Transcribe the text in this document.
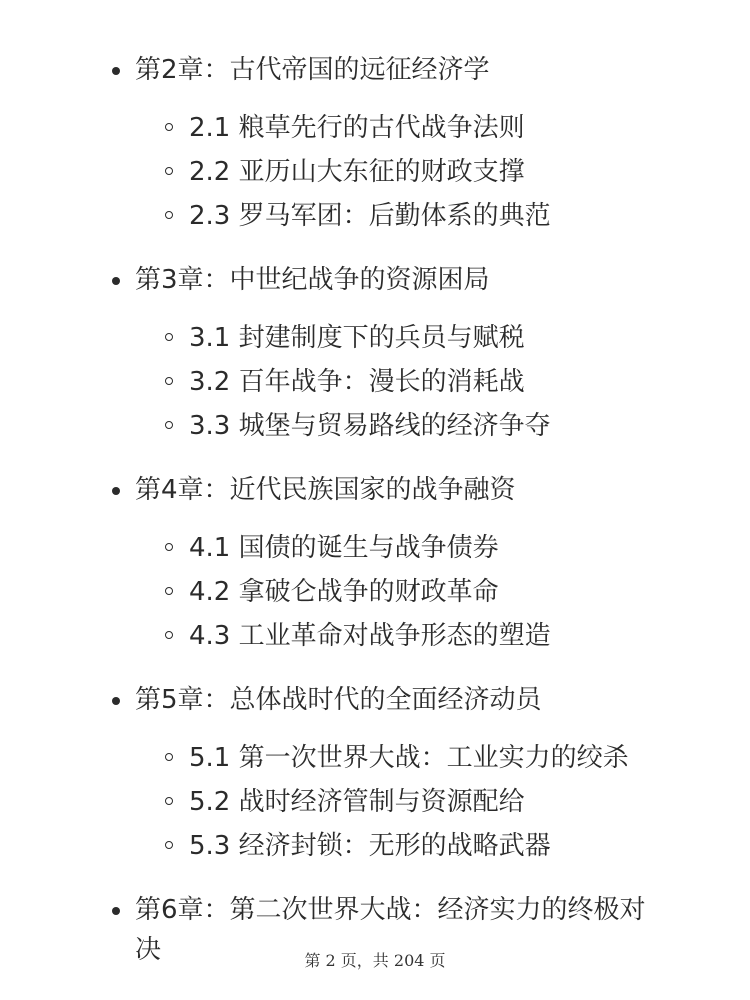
第2章：古代帝国的远征经济学
2.1 粮草先行的古代战争法则
2.2 亚历山大东征的财政支撑
2.3 罗马军团：后勤体系的典范
第3章：中世纪战争的资源困局
3.1 封建制度下的兵员与赋税
3.2 百年战争：漫长的消耗战
3.3 城堡与贸易路线的经济争夺
第4章：近代民族国家的战争融资
4.1 国债的诞生与战争债券
4.2 拿破仑战争的财政革命
4.3 工业革命对战争形态的塑造
第5章：总体战时代的全面经济动员
5.1 第一次世界大战：工业实力的绞杀
5.2 战时经济管制与资源配给
5.3 经济封锁：无形的战略武器
第6章：第二次世界大战：经济实力的终极对决	第 2 页，共 204 页
